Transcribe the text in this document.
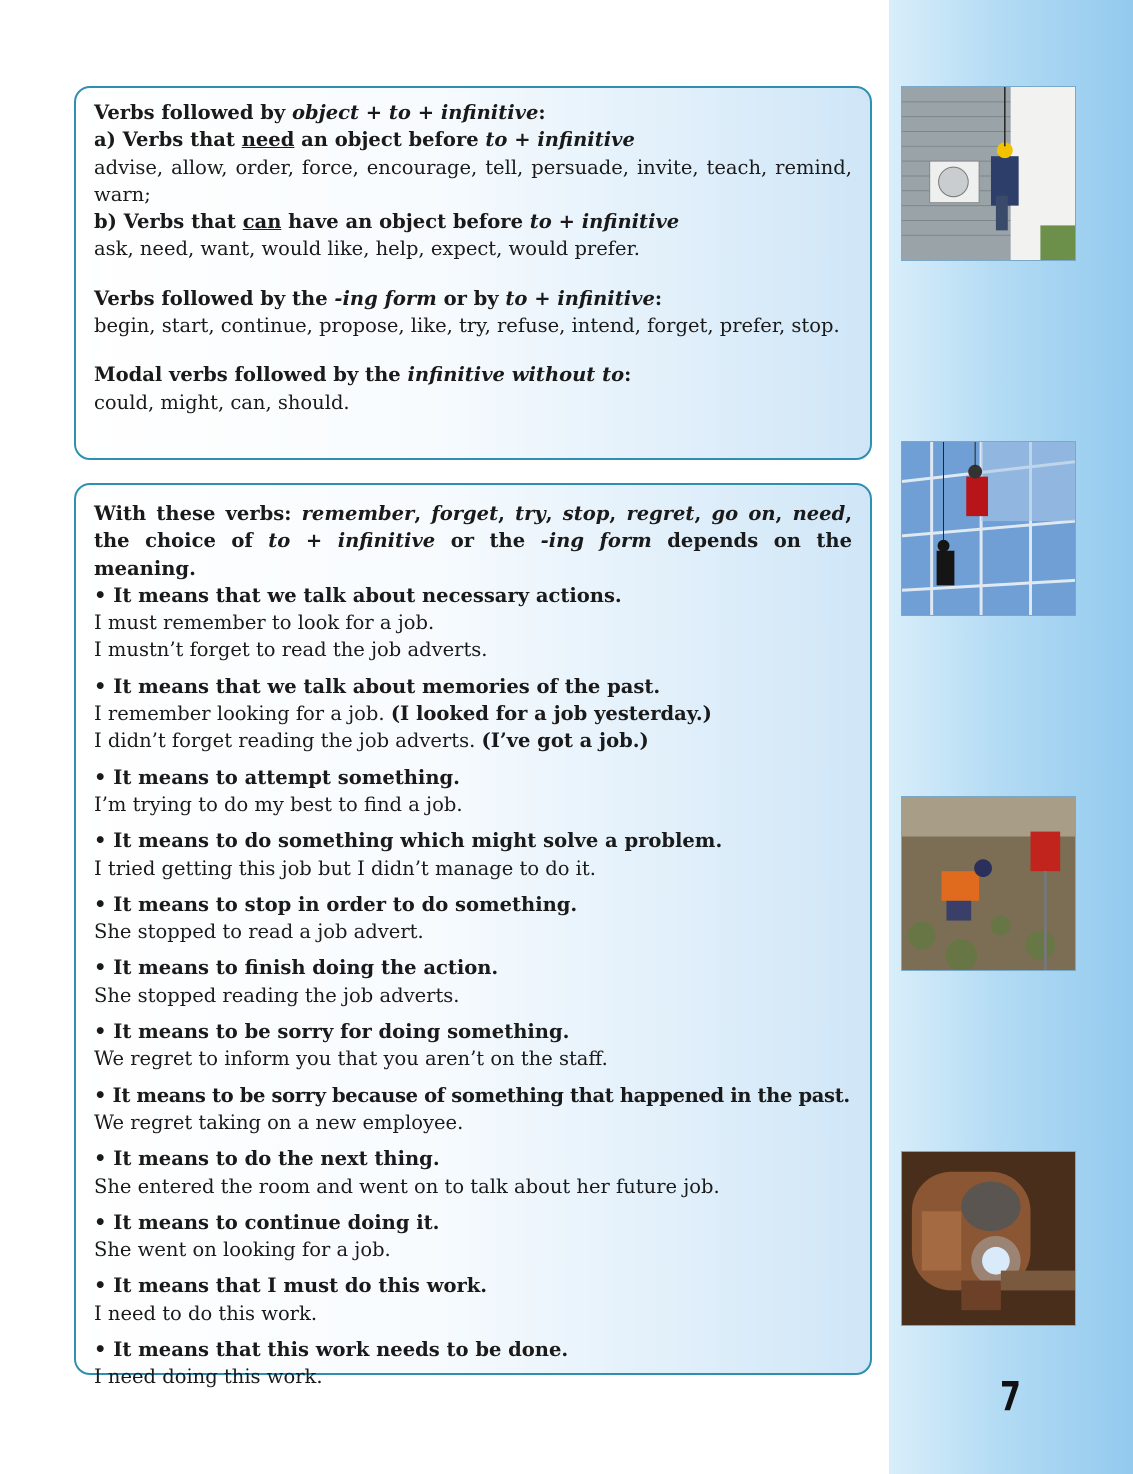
7

Verbs followed by object + to + infinitive:

a) Verbs that need an object before to + infinitive

advise, allow, order, force, encourage, tell, persuade, invite, teach, remind, warn;

b) Verbs that can have an object before to + infinitive

ask, need, want, would like, help, expect, would prefer.

Verbs followed by the -ing form or by to + infinitive:

begin, start, continue, propose, like, try, refuse, intend, forget, prefer, stop.

Modal verbs followed by the infinitive without to:

could, might, can, should.

With these verbs: remember, forget, try, stop, regret, go on, need, the choice of to + infinitive or the -ing form depends on the meaning.

• It means that we talk about necessary actions.

I must remember to look for a job.

I mustn’t forget to read the job adverts.

• It means that we talk about memories of the past.

I remember looking for a job. (I looked for a job yesterday.)

I didn’t forget reading the job adverts. (I’ve got a job.)

• It means to attempt something.

I’m trying to do my best to find a job.

• It means to do something which might solve a problem.

I tried getting this job but I didn’t manage to do it.

• It means to stop in order to do something.

She stopped to read a job advert.

• It means to finish doing the action.

She stopped reading the job adverts.

• It means to be sorry for doing something.

We regret to inform you that you aren’t on the staff.

• It means to be sorry because of something that happened in the past.

We regret taking on a new employee.

• It means to do the next thing.

She entered the room and went on to talk about her future job.

• It means to continue doing it.

She went on looking for a job.

• It means that I must do this work.

I need to do this work.

• It means that this work needs to be done.

I need doing this work.
